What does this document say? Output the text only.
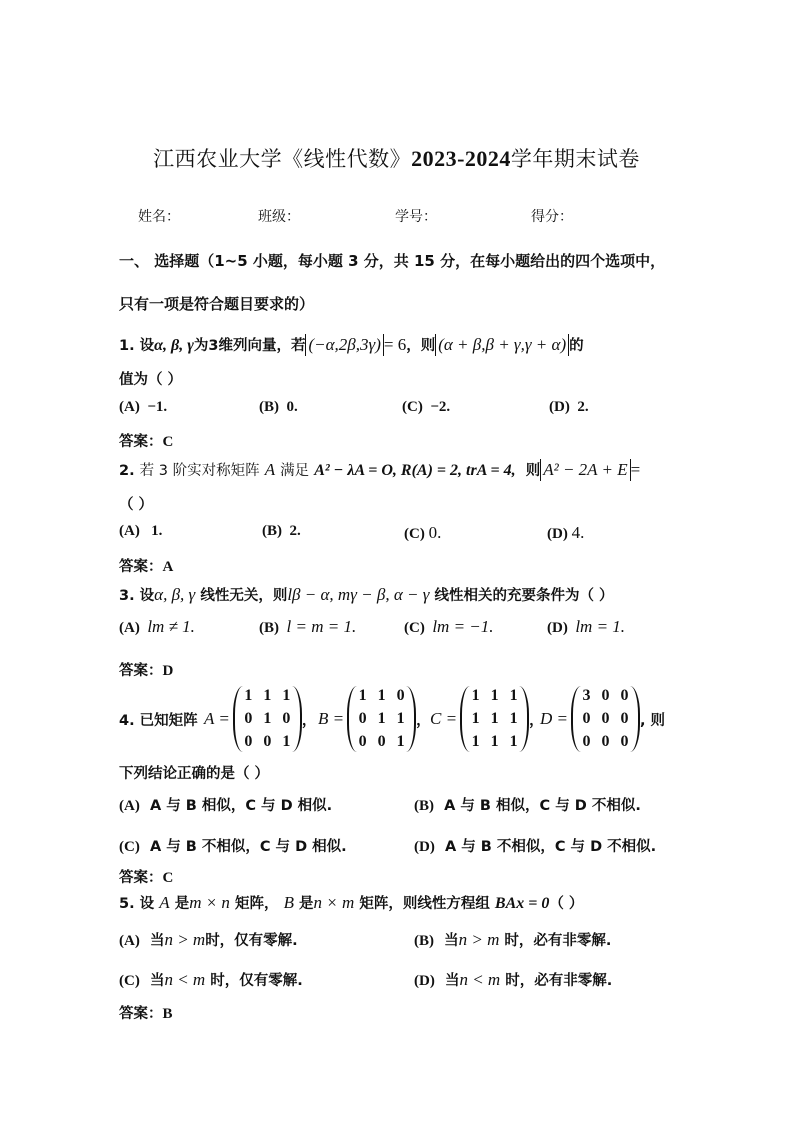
江西农业大学《线性代数》2023-2024学年期末试卷
姓名：	班级：	学号：	得分：
一、 选择题（1~5 小题，每小题 3 分，共 15 分，在每小题给出的四个选项中，
只有一项是符合题目要求的）
1. 设α, β, γ为3维列向量，若 (−α,2β,3γ) = 6，则 (α + β,β + γ,γ + α) 的
值为（ ）
(A) −1.	(B) 0.	(C) −2.	(D) 2.
答案：C
2. 若 3 阶实对称矩阵 A 满足 A² − λA = O, R(A) = 2, trA = 4, 则 A² − 2A + E =
（ ）
(A) 1.	(B) 2.	(C) 0.	(D) 4.
答案：A
3. 设α, β, γ 线性无关，则lβ − α, mγ − β, α − γ 线性相关的充要条件为（ ）
(A) lm ≠ 1.	(B) l = m = 1.	(C) lm = −1.	(D) lm = 1.
答案：D
4. 已知矩阵 A =
1 1 1
0 1 0
0 0 1
， B =
1 1 0
0 1 1
0 0 1
， C =
1 1 1
1 1 1
1 1 1
，
D =
3 0 0
0 0 0
0 0 0
, 则
下列结论正确的是（ ）
(A) A 与 B 相似，C 与 D 相似.	(B) A 与 B 相似，C 与 D 不相似.
(C) A 与 B 不相似，C 与 D 相似.	(D) A 与 B 不相似，C 与 D 不相似.
答案：C
5. 设 A 是m × n 矩阵， B 是n × m 矩阵，则线性方程组 BAx = 0（ ）
(A) 当n > m时，仅有零解.	(B) 当n > m 时，必有非零解.
(C) 当n < m 时，仅有零解.	(D) 当n < m 时，必有非零解.
答案：B
